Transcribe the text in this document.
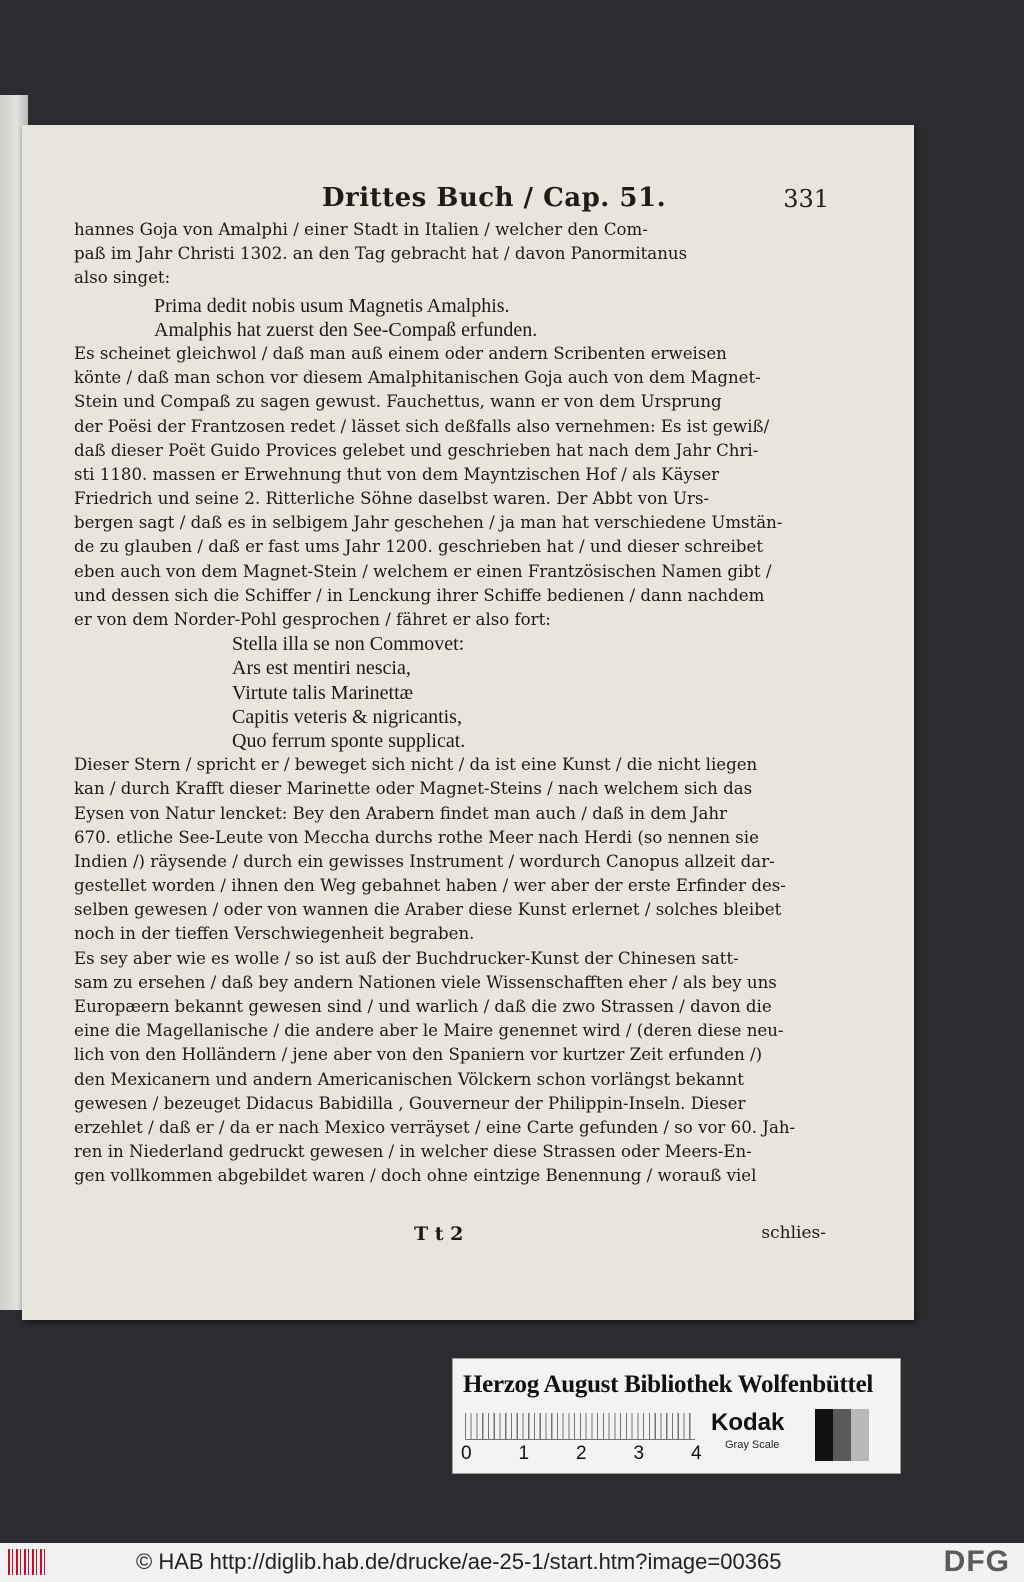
Drittes Buch / Cap. 51.	331
hannes Goja von Amalphi / einer Stadt in Italien / welcher den Com-
paß im Jahr Christi 1302. an den Tag gebracht hat / davon Panormitanus
also singet:
Prima dedit nobis usum Magnetis Amalphis.
Amalphis hat zuerst den See-Compaß erfunden.
Es scheinet gleichwol / daß man auß einem oder andern Scribenten erweisen
könte / daß man schon vor diesem Amalphitanischen Goja auch von dem Magnet-
Stein und Compaß zu sagen gewust. Fauchettus, wann er von dem Ursprung
der Poësi der Frantzosen redet / lässet sich deßfalls also vernehmen: Es ist gewiß/
daß dieser Poët Guido Provices gelebet und geschrieben hat nach dem Jahr Chri-
sti 1180. massen er Erwehnung thut von dem Mayntzischen Hof / als Käyser
Friedrich und seine 2. Ritterliche Söhne daselbst waren. Der Abbt von Urs-
bergen sagt / daß es in selbigem Jahr geschehen / ja man hat verschiedene Umstän-
de zu glauben / daß er fast ums Jahr 1200. geschrieben hat / und dieser schreibet
eben auch von dem Magnet-Stein / welchem er einen Frantzösischen Namen gibt /
und dessen sich die Schiffer / in Lenckung ihrer Schiffe bedienen / dann nachdem
er von dem Norder-Pohl gesprochen / fähret er also fort:
Stella illa se non Commovet:
Ars est mentiri nescia,
Virtute talis Marinettæ
Capitis veteris & nigricantis,
Quo ferrum sponte supplicat.
Dieser Stern / spricht er / beweget sich nicht / da ist eine Kunst / die nicht liegen
kan / durch Krafft dieser Marinette oder Magnet-Steins / nach welchem sich das
Eysen von Natur lencket: Bey den Arabern findet man auch / daß in dem Jahr
670. etliche See-Leute von Meccha durchs rothe Meer nach Herdi (so nennen sie
Indien /) räysende / durch ein gewisses Instrument / wordurch Canopus allzeit dar-
gestellet worden / ihnen den Weg gebahnet haben / wer aber der erste Erfinder des-
selben gewesen / oder von wannen die Araber diese Kunst erlernet / solches bleibet
noch in der tieffen Verschwiegenheit begraben.
Es sey aber wie es wolle / so ist auß der Buchdrucker-Kunst der Chinesen satt-
sam zu ersehen / daß bey andern Nationen viele Wissenschafften eher / als bey uns
Europæern bekannt gewesen sind / und warlich / daß die zwo Strassen / davon die
eine die Magellanische / die andere aber le Maire genennet wird / (deren diese neu-
lich von den Holländern / jene aber von den Spaniern vor kurtzer Zeit erfunden /)
den Mexicanern und andern Americanischen Völckern schon vorlängst bekannt
gewesen / bezeuget Didacus Babidilla , Gouverneur der Philippin-Inseln. Dieser
erzehlet / daß er / da er nach Mexico verräyset / eine Carte gefunden / so vor 60. Jah-
ren in Niederland gedruckt gewesen / in welcher diese Strassen oder Meers-En-
gen vollkommen abgebildet waren / doch ohne eintzige Benennung / worauß viel
T t 2	schlies-
Herzog August Bibliothek Wolfenbüttel
0 1 2 3 4
Kodak
Gray Scale
© HAB http://diglib.hab.de/drucke/ae-25-1/start.htm?image=00365	DFG
